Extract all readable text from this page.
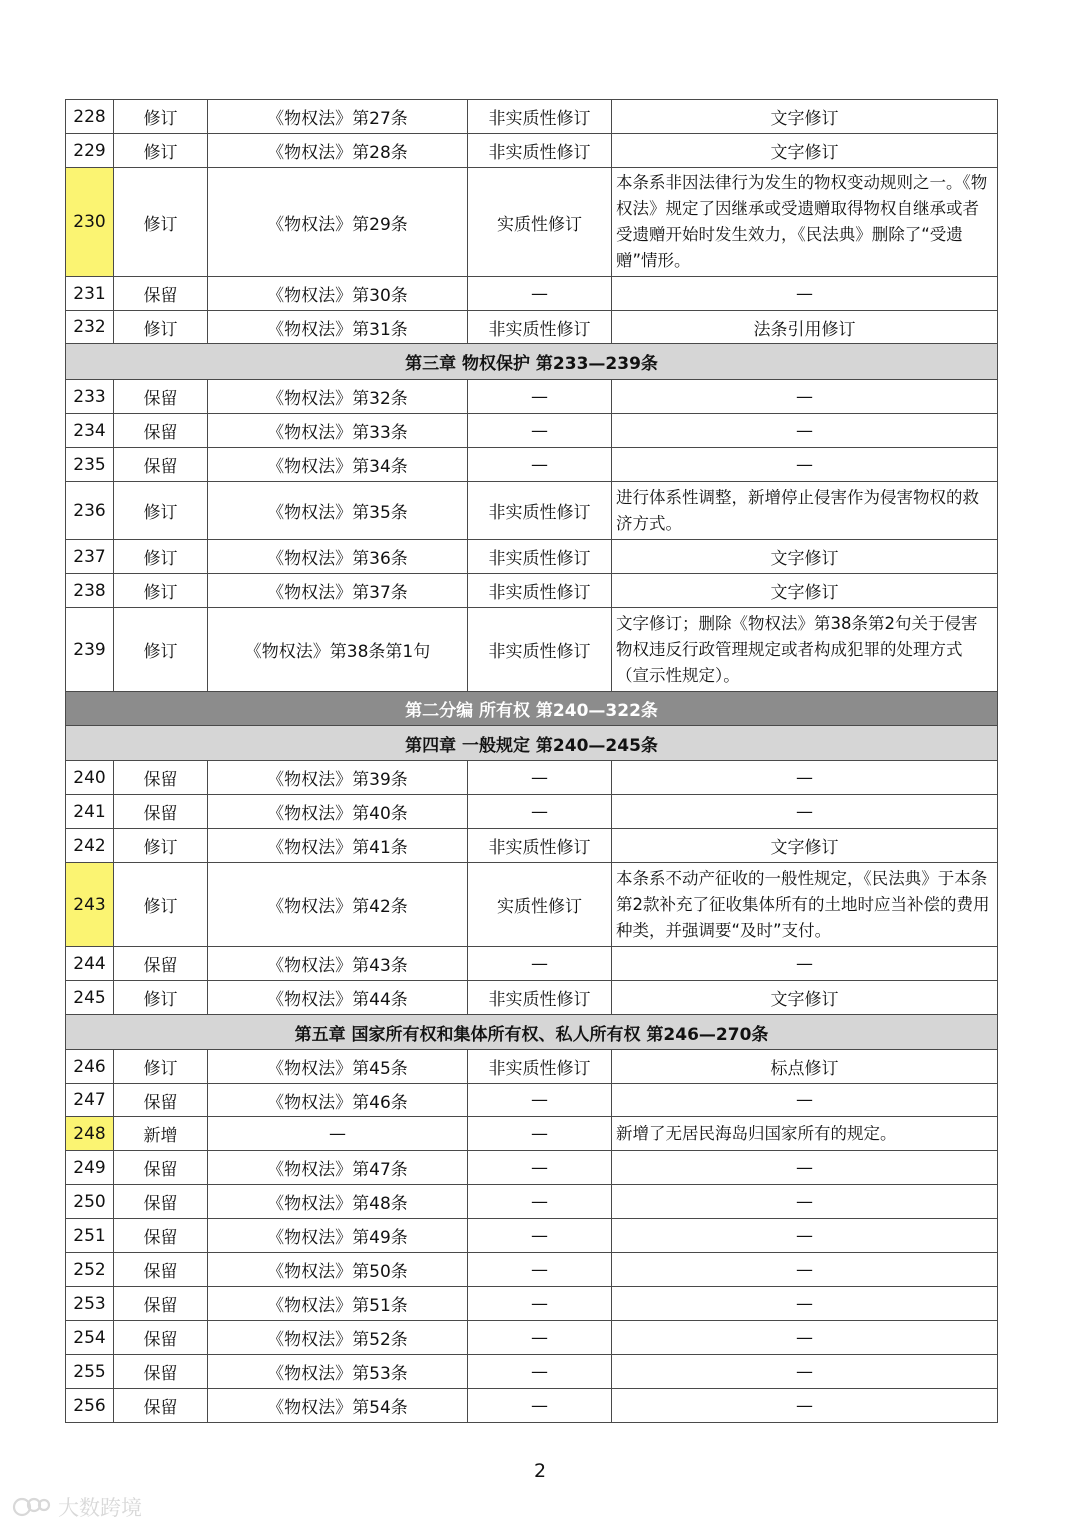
228	修订	《物权法》第27条	非实质性修订	文字修订
229	修订	《物权法》第28条	非实质性修订	文字修订
230	修订	《物权法》第29条	实质性修订	本条系非因法律行为发生的物权变动规则之一。《物权法》规定了因继承或受遗赠取得物权自继承或者受遗赠开始时发生效力，《民法典》删除了“受遗赠”情形。
231	保留	《物权法》第30条	—	—
232	修订	《物权法》第31条	非实质性修订	法条引用修订
第三章 物权保护 第233—239条				
233	保留	《物权法》第32条	—	—
234	保留	《物权法》第33条	—	—
235	保留	《物权法》第34条	—	—
236	修订	《物权法》第35条	非实质性修订	进行体系性调整，新增停止侵害作为侵害物权的救济方式。
237	修订	《物权法》第36条	非实质性修订	文字修订
238	修订	《物权法》第37条	非实质性修订	文字修订
239	修订	《物权法》第38条第1句	非实质性修订	文字修订；删除《物权法》第38条第2句关于侵害物权违反行政管理规定或者构成犯罪的处理方式（宣示性规定）。
第二分编 所有权 第240—322条				
第四章 一般规定 第240—245条				
240	保留	《物权法》第39条	—	—
241	保留	《物权法》第40条	—	—
242	修订	《物权法》第41条	非实质性修订	文字修订
243	修订	《物权法》第42条	实质性修订	本条系不动产征收的一般性规定，《民法典》于本条第2款补充了征收集体所有的土地时应当补偿的费用种类，并强调要“及时”支付。
244	保留	《物权法》第43条	—	—
245	修订	《物权法》第44条	非实质性修订	文字修订
第五章 国家所有权和集体所有权、私人所有权 第246—270条				
246	修订	《物权法》第45条	非实质性修订	标点修订
247	保留	《物权法》第46条	—	—
248	新增	—	—	新增了无居民海岛归国家所有的规定。
249	保留	《物权法》第47条	—	—
250	保留	《物权法》第48条	—	—
251	保留	《物权法》第49条	—	—
252	保留	《物权法》第50条	—	—
253	保留	《物权法》第51条	—	—
254	保留	《物权法》第52条	—	—
255	保留	《物权法》第53条	—	—
256	保留	《物权法》第54条	—	—
2
大数跨境
